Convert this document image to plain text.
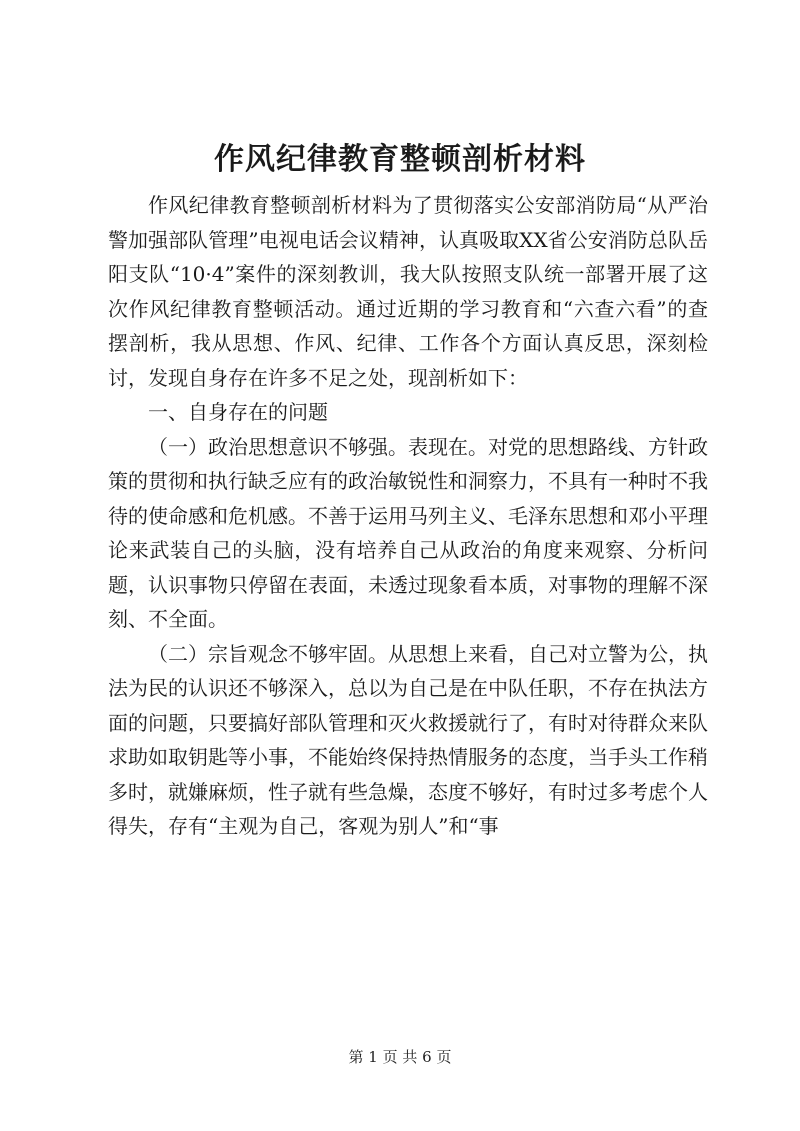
作风纪律教育整顿剖析材料

作风纪律教育整顿剖析材料为了贯彻落实公安部消防局“从严治警加强部队管理”电视电话会议精神，认真吸取XX省公安消防总队岳阳支队“10·4”案件的深刻教训，我大队按照支队统一部署开展了这次作风纪律教育整顿活动。通过近期的学习教育和“六查六看”的查摆剖析，我从思想、作风、纪律、工作各个方面认真反思，深刻检讨，发现自身存在许多不足之处，现剖析如下：

一、自身存在的问题

（一）政治思想意识不够强。表现在。对党的思想路线、方针政策的贯彻和执行缺乏应有的政治敏锐性和洞察力，不具有一种时不我待的使命感和危机感。不善于运用马列主义、毛泽东思想和邓小平理论来武装自己的头脑，没有培养自己从政治的角度来观察、分析问题，认识事物只停留在表面，未透过现象看本质，对事物的理解不深刻、不全面。

（二）宗旨观念不够牢固。从思想上来看，自己对立警为公，执法为民的认识还不够深入，总以为自己是在中队任职，不存在执法方面的问题，只要搞好部队管理和灭火救援就行了，有时对待群众来队求助如取钥匙等小事，不能始终保持热情服务的态度，当手头工作稍多时，就嫌麻烦，性子就有些急燥，态度不够好，有时过多考虑个人得失，存有“主观为自己，客观为别人”和“事

第 1 页 共 6 页
